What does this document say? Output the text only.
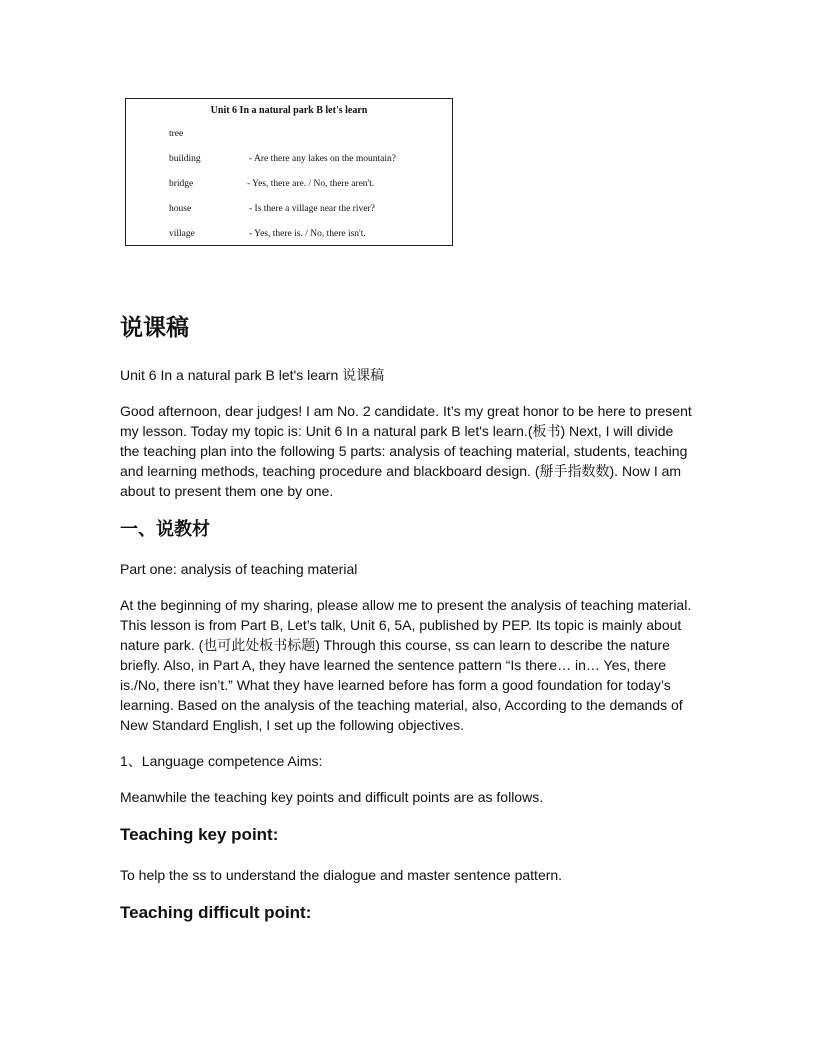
Unit 6 In a natural park B let's learn
tree
building	- Are there any lakes on the mountain?
bridge	- Yes, there are. / No, there aren't.
house	- Is there a village near the river?
village	- Yes, there is. / No, there isn't.
说课稿

Unit 6 In a natural park B let's learn 说课稿

Good afternoon, dear judges! I am No. 2 candidate. It’s my great honor to be here to present my lesson. Today my topic is: Unit 6 In a natural park B let's learn.(板书) Next, I will divide the teaching plan into the following 5 parts: analysis of teaching material, students, teaching and learning methods, teaching procedure and blackboard design. (掰手指数数). Now I am about to present them one by one.

一、说教材

Part one: analysis of teaching material

At the beginning of my sharing, please allow me to present the analysis of teaching material. This lesson is from Part B, Let’s talk, Unit 6, 5A, published by PEP. Its topic is mainly about nature park. (也可此处板书标题) Through this course, ss can learn to describe the nature briefly. Also, in Part A, they have learned the sentence pattern “Is there… in… Yes, there is./No, there isn’t.” What they have learned before has form a good foundation for today’s learning. Based on the analysis of the teaching material, also, According to the demands of New Standard English, I set up the following objectives.

1、Language competence Aims:

Meanwhile the teaching key points and difficult points are as follows.

Teaching key point:

To help the ss to understand the dialogue and master sentence pattern.

Teaching difficult point:
